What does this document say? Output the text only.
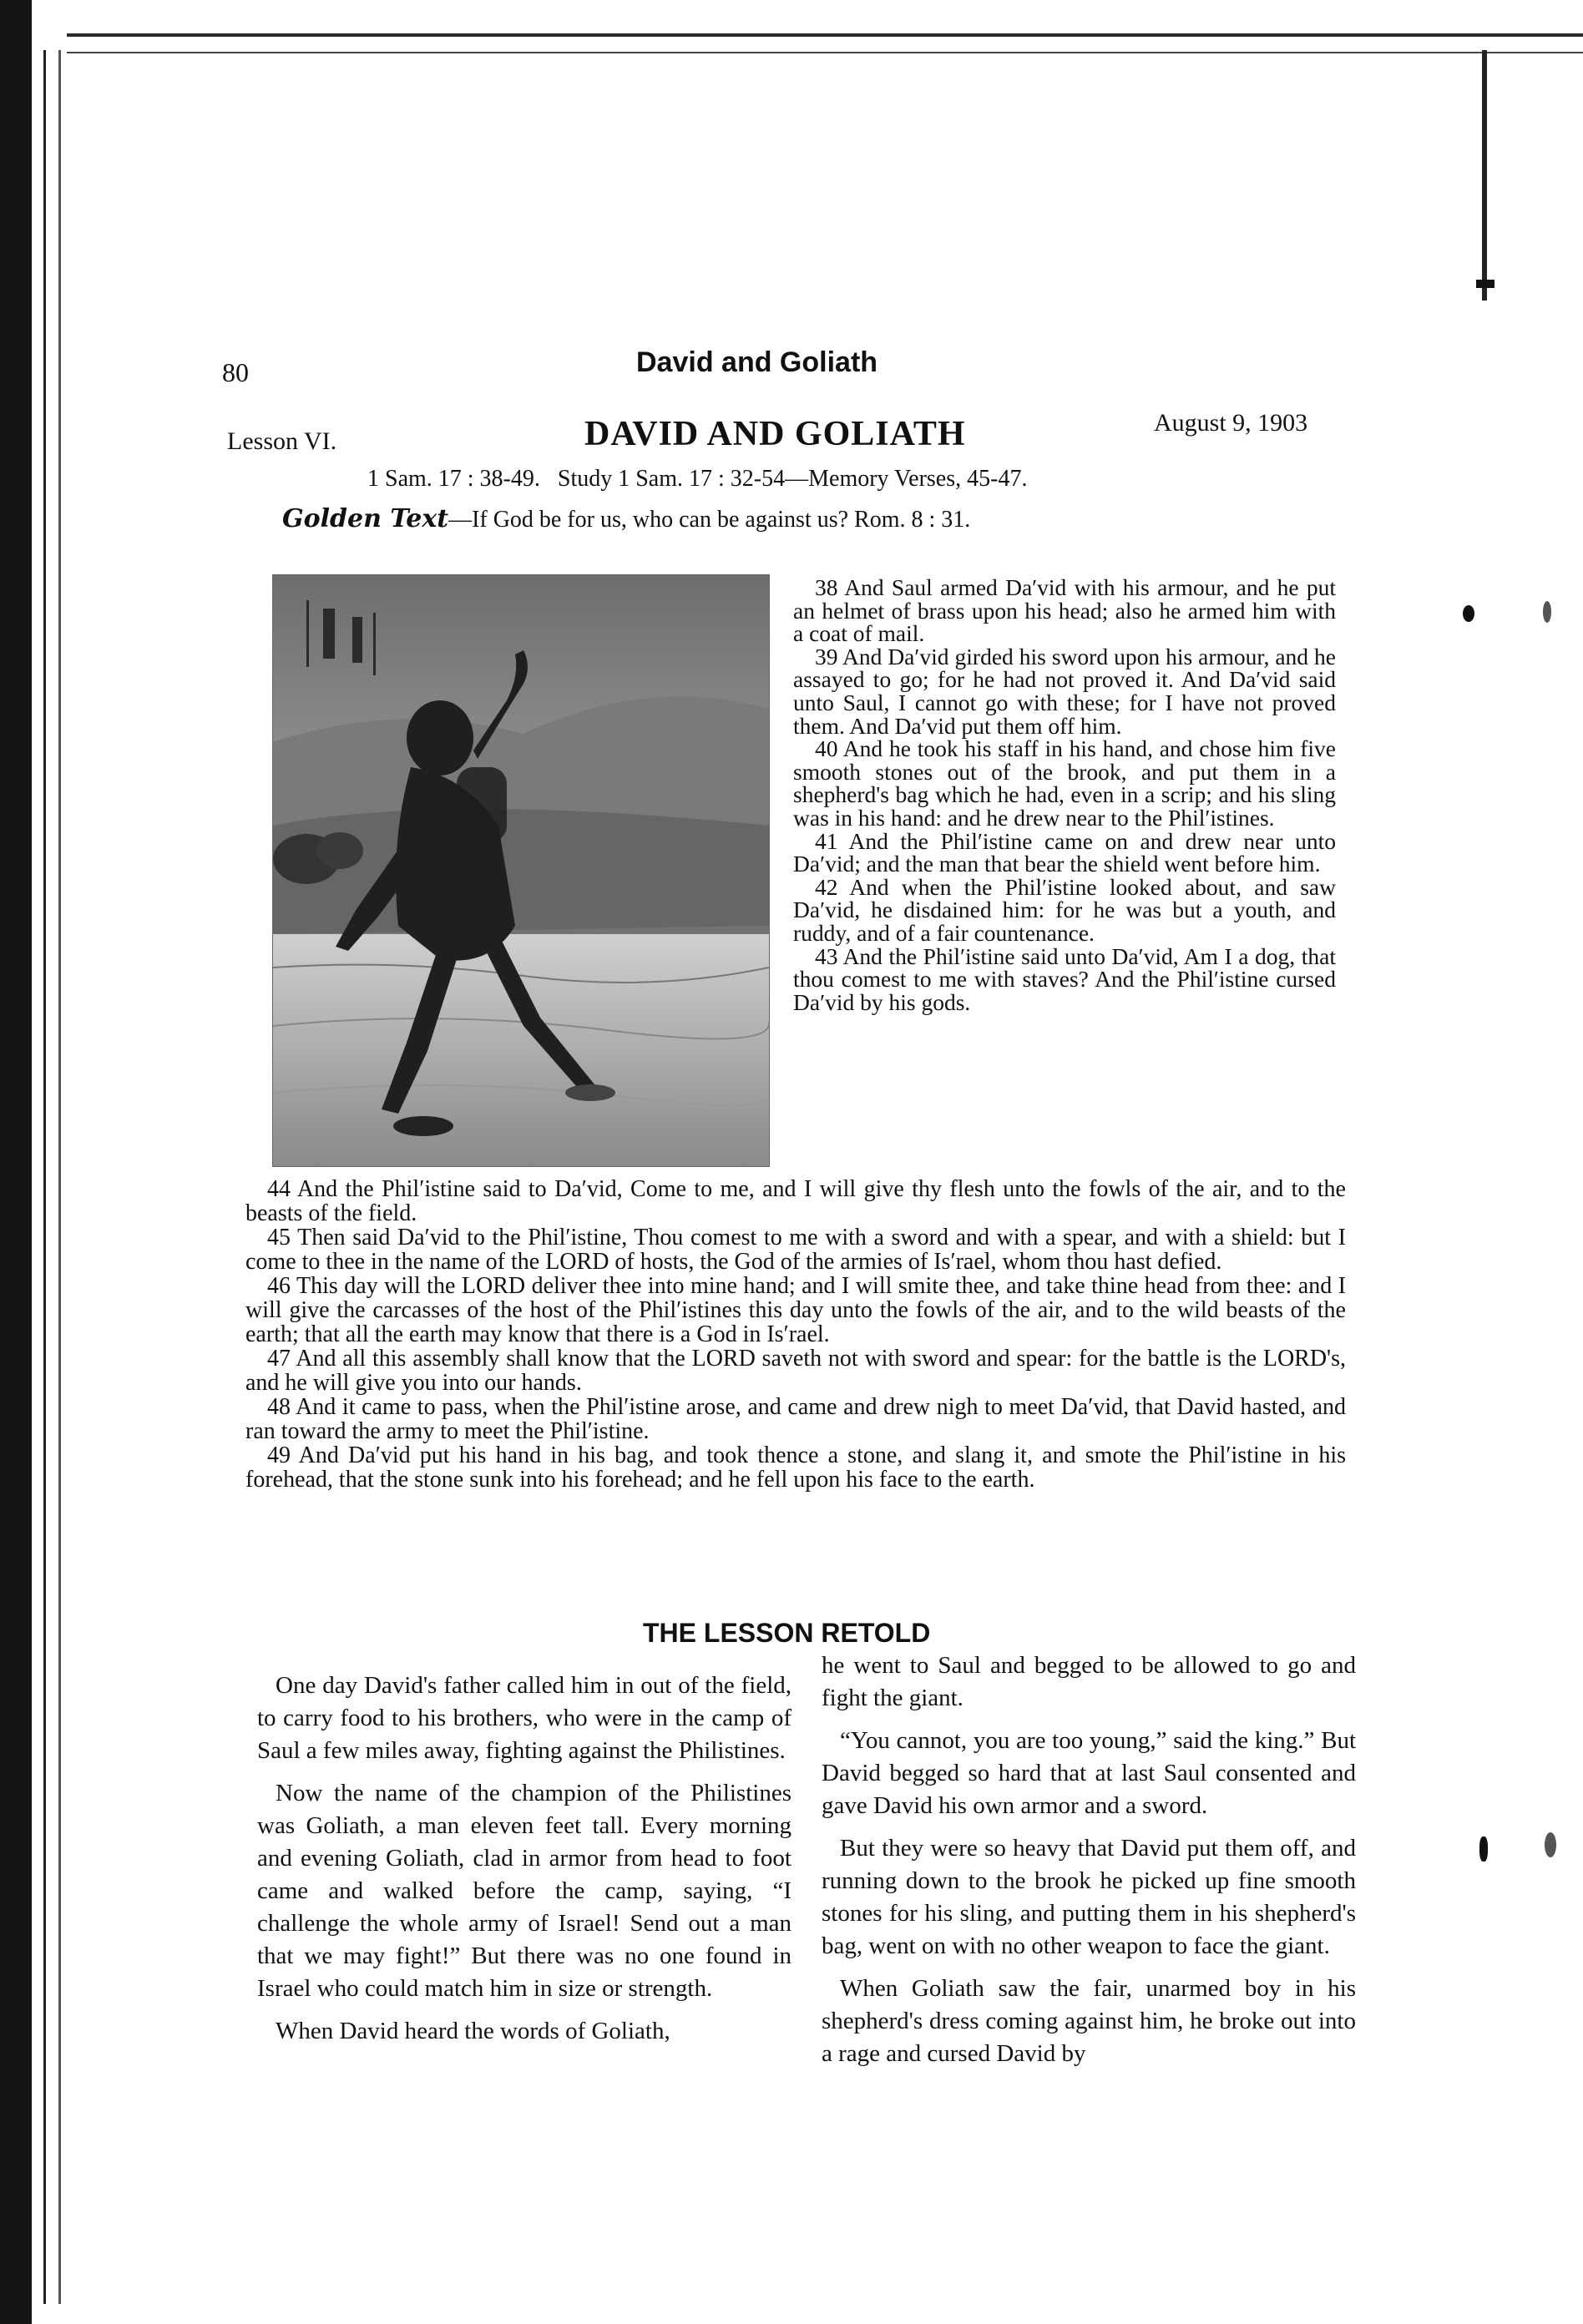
80	David and Goliath
Lesson VI.	DAVID AND GOLIATH	August 9, 1903
1 Sam. 17 : 38-49.   Study 1 Sam. 17 : 32-54—Memory Verses, 45-47.
Golden Text—If God be for us, who can be against us? Rom. 8 : 31.

38 And Saul armed Da′vid with his armour, and he put an helmet of brass upon his head; also he armed him with a coat of mail.

39 And Da′vid girded his sword upon his armour, and he assayed to go; for he had not proved it. And Da′vid said unto Saul, I cannot go with these; for I have not proved them. And Da′vid put them off him.

40 And he took his staff in his hand, and chose him five smooth stones out of the brook, and put them in a shepherd's bag which he had, even in a scrip; and his sling was in his hand: and he drew near to the Phil′istines.

41 And the Phil′istine came on and drew near unto Da′vid; and the man that bear the shield went before him.

42 And when the Phil′istine looked about, and saw Da′vid, he disdained him: for he was but a youth, and ruddy, and of a fair countenance.

43 And the Phil′istine said unto Da′vid, Am I a dog, that thou comest to me with staves? And the Phil′istine cursed Da′vid by his gods.

44 And the Phil′istine said to Da′vid, Come to me, and I will give thy flesh unto the fowls of the air, and to the beasts of the field.

45 Then said Da′vid to the Phil′istine, Thou comest to me with a sword and with a spear, and with a shield: but I come to thee in the name of the LORD of hosts, the God of the armies of Is′rael, whom thou hast defied.

46 This day will the LORD deliver thee into mine hand; and I will smite thee, and take thine head from thee: and I will give the carcasses of the host of the Phil′istines this day unto the fowls of the air, and to the wild beasts of the earth; that all the earth may know that there is a God in Is′rael.

47 And all this assembly shall know that the LORD saveth not with sword and spear: for the battle is the LORD's, and he will give you into our hands.

48 And it came to pass, when the Phil′istine arose, and came and drew nigh to meet Da′vid, that David hasted, and ran toward the army to meet the Phil′istine.

49 And Da′vid put his hand in his bag, and took thence a stone, and slang it, and smote the Phil′istine in his forehead, that the stone sunk into his forehead; and he fell upon his face to the earth.

THE LESSON RETOLD

One day David's father called him in out of the field, to carry food to his brothers, who were in the camp of Saul a few miles away, fighting against the Philistines.

Now the name of the champion of the Philistines was Goliath, a man eleven feet tall. Every morning and evening Goliath, clad in armor from head to foot came and walked before the camp, saying, “I challenge the whole army of Israel! Send out a man that we may fight!” But there was no one found in Israel who could match him in size or strength.

When David heard the words of Goliath,

he went to Saul and begged to be allowed to go and fight the giant.

“You cannot, you are too young,” said the king.” But David begged so hard that at last Saul consented and gave David his own armor and a sword.

But they were so heavy that David put them off, and running down to the brook he picked up fine smooth stones for his sling, and putting them in his shepherd's bag, went on with no other weapon to face the giant.

When Goliath saw the fair, unarmed boy in his shepherd's dress coming against him, he broke out into a rage and cursed David by
